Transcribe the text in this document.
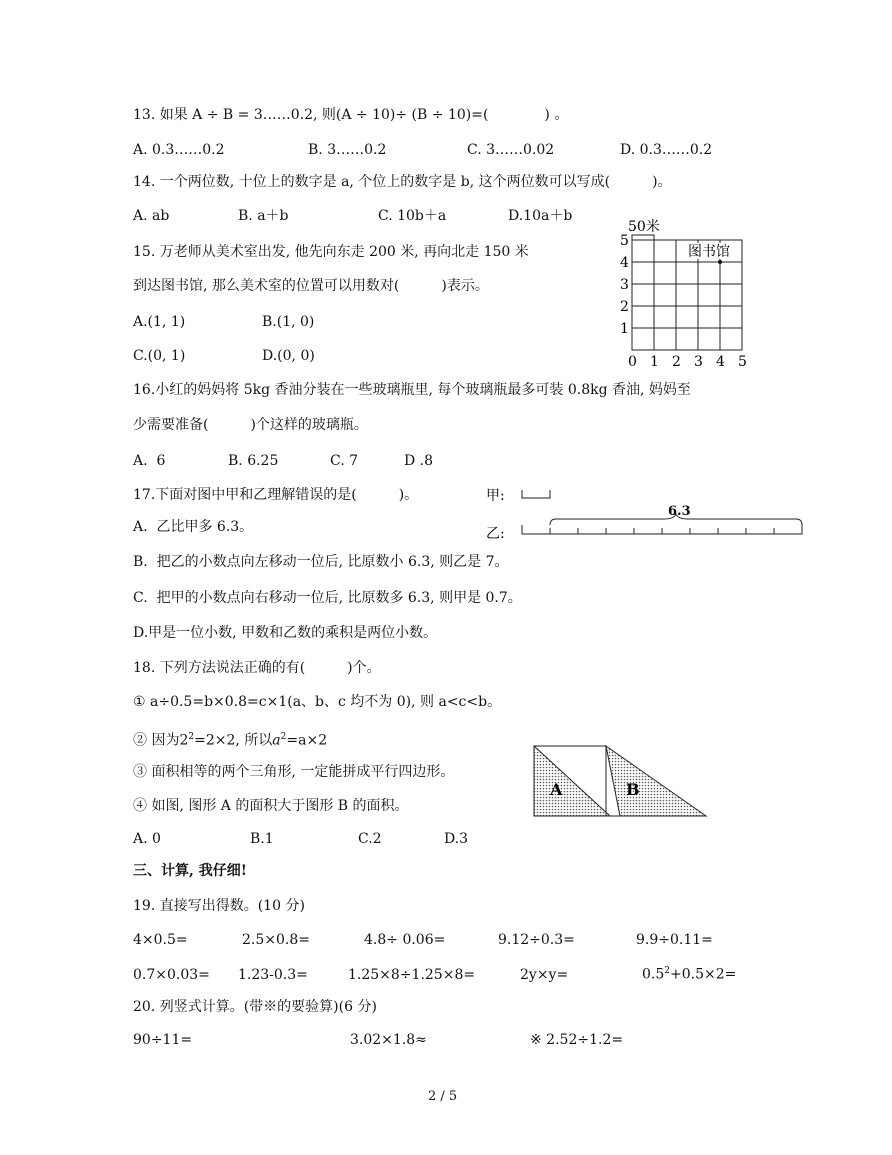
13. 如果 A ÷ B = 3……0.2, 则(A ÷ 10)÷ (B ÷ 10)=(　　　　) 。
A. 0.3……0.2	B. 3……0.2	C. 3……0.02	D. 0.3……0.2
14. 一个两位数, 十位上的数字是 a, 个位上的数字是 b, 这个两位数可以写成(　　　)。
A. ab	B. a＋b	C. 10b＋a	D.10a＋b
15. 万老师从美术室出发, 他先向东走 200 米, 再向北走 150 米
到达图书馆, 那么美术室的位置可以用数对(　　　)表示。
A.(1, 1)	B.(1, 0)
C.(0, 1)	D.(0, 0)
50米
图书馆
5
4
3
2
1
0 1 2 3 4 5
16.小红的妈妈将 5kg 香油分装在一些玻璃瓶里, 每个玻璃瓶最多可装 0.8kg 香油, 妈妈至
少需要准备(　　　)个这样的玻璃瓶。
A.  6	B. 6.25	C. 7	D .8
17.下面对图中甲和乙理解错误的是(　　　)。
A.  乙比甲多 6.3。
B.  把乙的小数点向左移动一位后, 比原数小 6.3, 则乙是 7。
C.  把甲的小数点向右移动一位后, 比原数多 6.3, 则甲是 0.7。
D.甲是一位小数, 甲数和乙数的乘积是两位小数。
甲:
6.3
乙:
18. 下列方法说法正确的有(　　　)个。
① a÷0.5=b×0.8=c×1(a、b、c 均不为 0), 则 a<c<b。
② 因为$2^2=2\times 2$, 所以$a^2=a\times 2$
③ 面积相等的两个三角形, 一定能拼成平行四边形。
④ 如图, 图形 A 的面积大于图形 B 的面积。
A. 0	B.1	C.2	D.3
A	B
三、计算, 我仔细!
19. 直接写出得数。(10 分)
4×0.5=	2.5×0.8=	4.8÷ 0.06=	9.12÷0.3=	9.9÷0.11=
0.7×0.03= 1.23-0.3=	1.25×8÷1.25×8=	2y×y=	$0.5^2+0.5\times 2=$
20. 列竖式计算。(带※的要验算)(6 分)
90÷11=	3.02×1.8≈	※ 2.52÷1.2=
2 / 5
